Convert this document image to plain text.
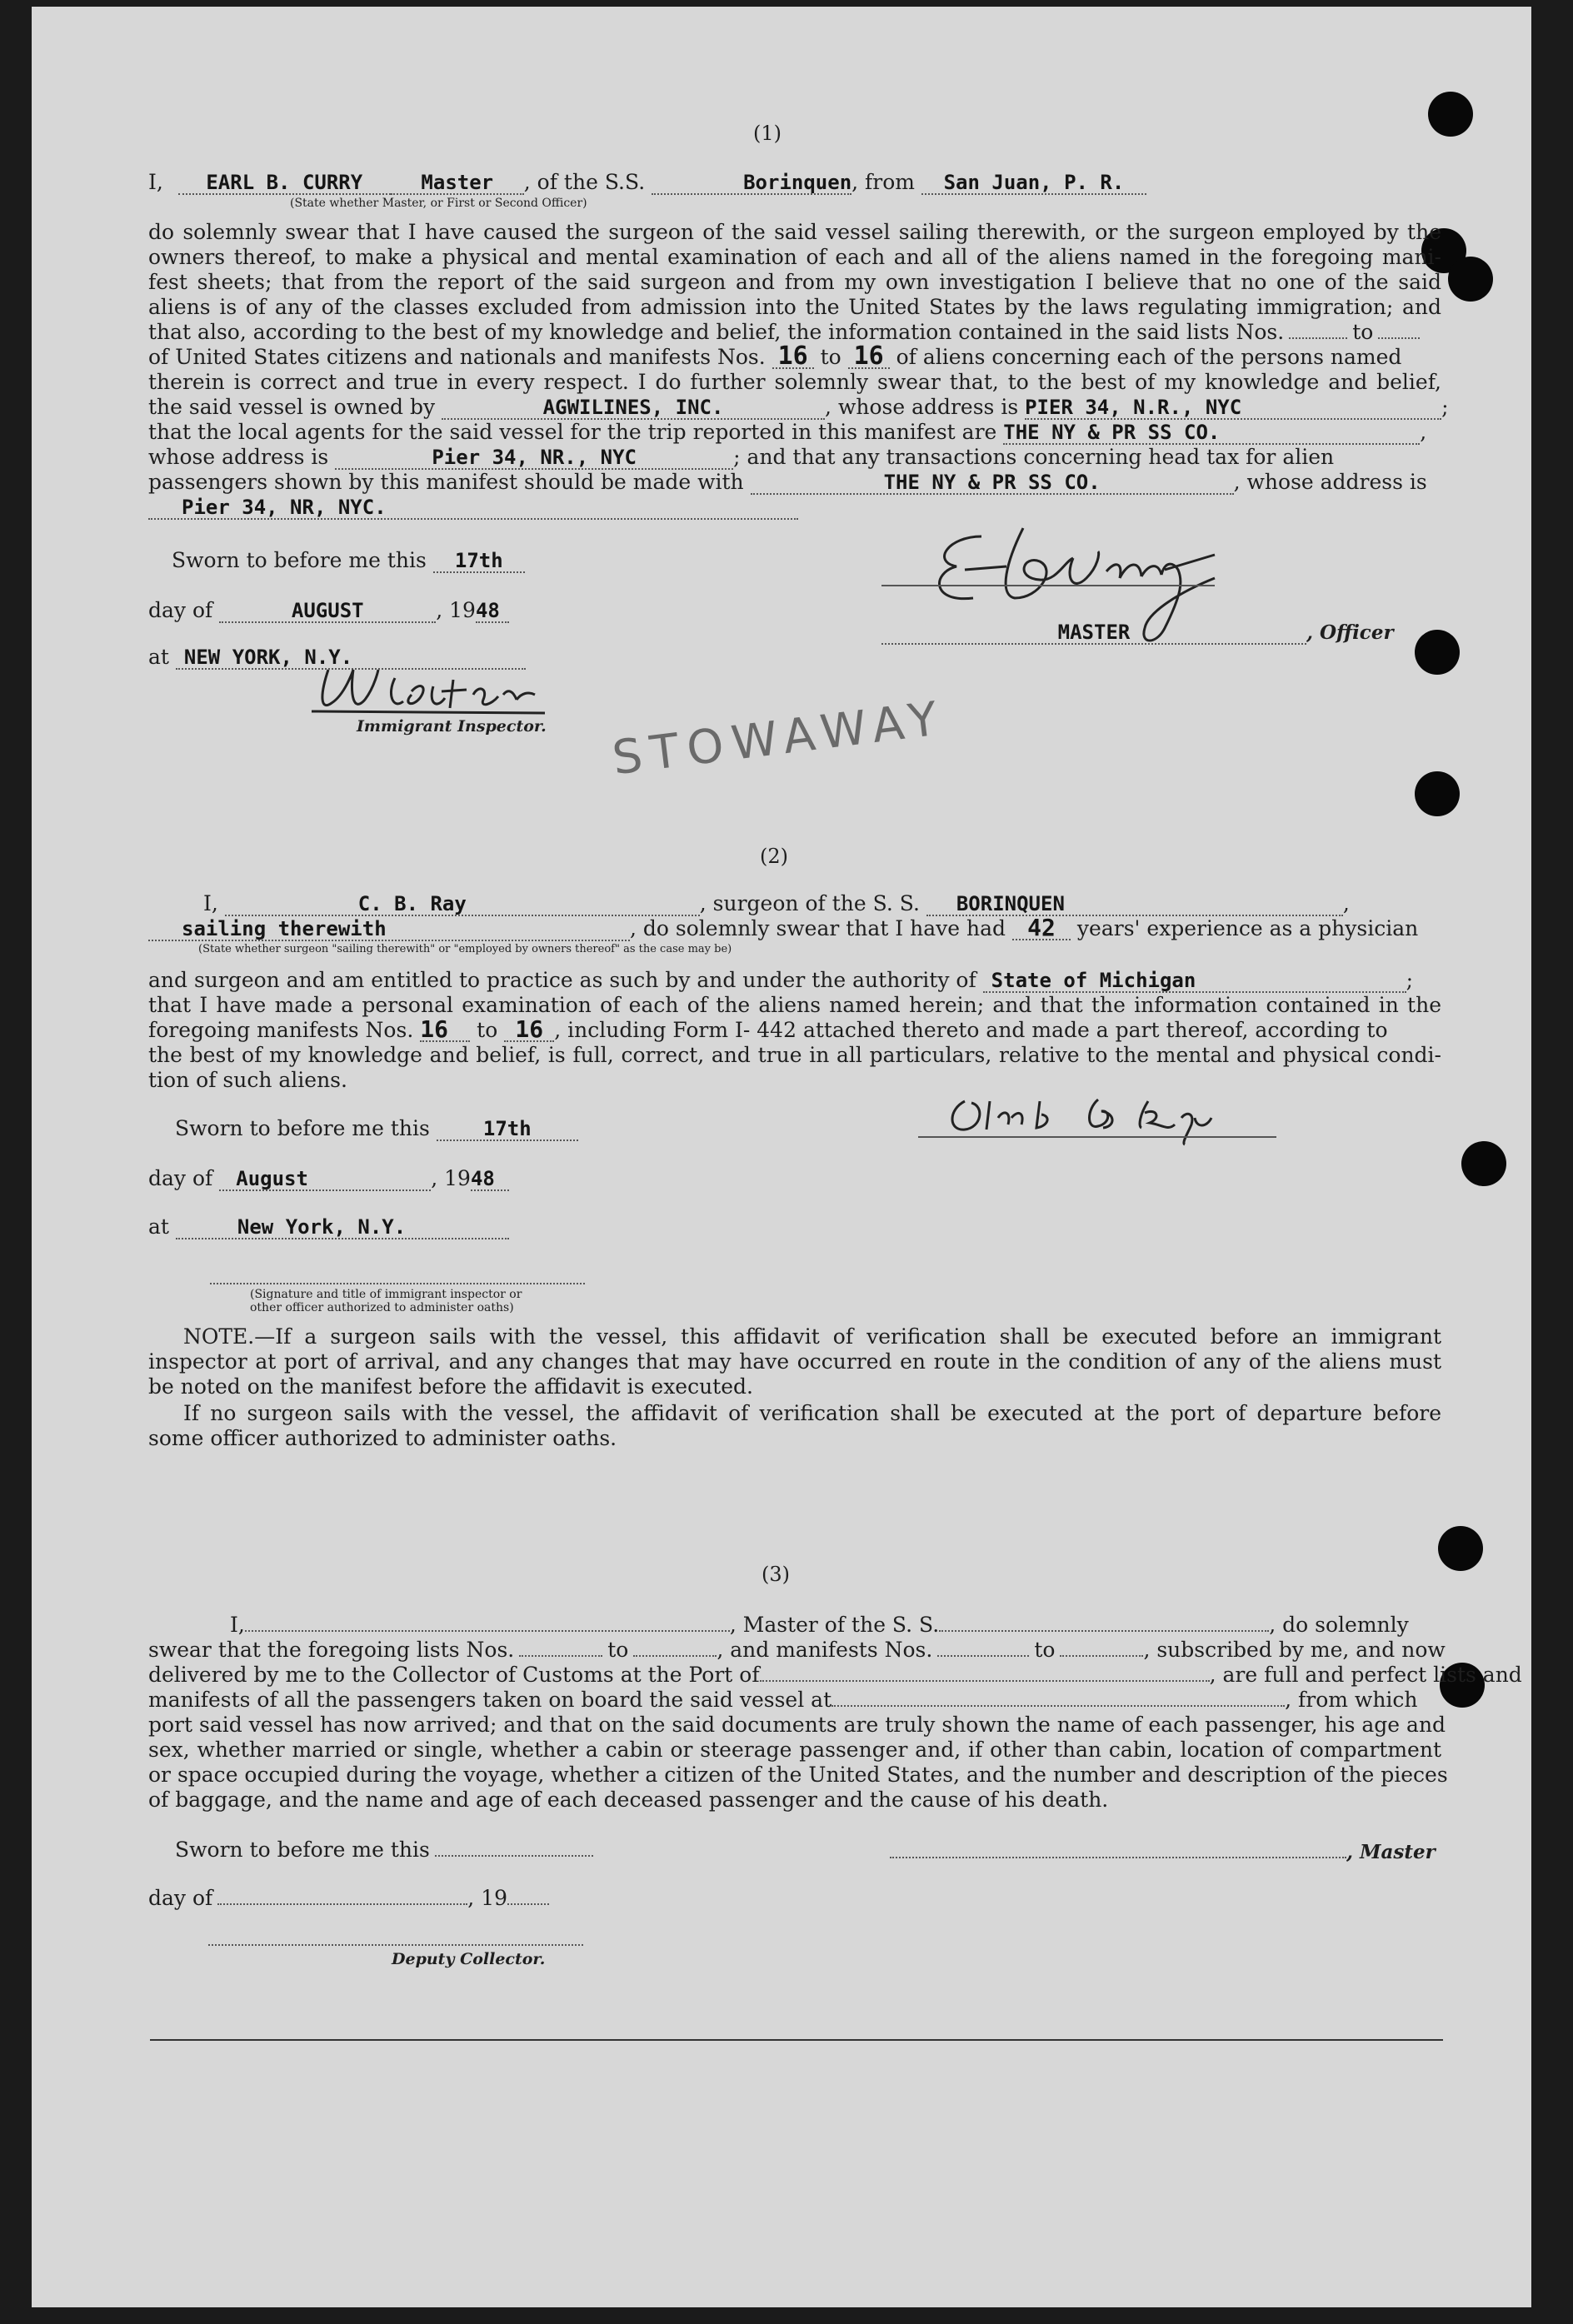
(1)
I, EARL B. CURRY	Master , of the S.S.	Borinquen, from San Juan, P. R.
(State whether Master, or First or Second Officer)
do solemnly swear that I have caused the surgeon of the said vessel sailing therewith, or the surgeon employed by the
owners thereof, to make a physical and mental examination of each and all of the aliens named in the foregoing mani-
fest sheets; that from the report of the said surgeon and from my own investigation I believe that no one of the said
aliens is of any of the classes excluded from admission into the United States by the laws regulating immigration; and
that also, according to the best of my knowledge and belief, the information contained in the said lists Nos.	to
of United States citizens and nationals and manifests Nos. 16 to 16 of aliens concerning each of the persons named
therein is correct and true in every respect. I do further solemnly swear that, to the best of my knowledge and belief,
the said vessel is owned by	AGWILINES, INC.	, whose address is PIER 34, N.R., NYC	;
that the local agents for the said vessel for the trip reported in this manifest are THE NY & PR SS CO.	,
whose address is	Pier 34, NR., NYC	; and that any transactions concerning head tax for alien
passengers shown by this manifest should be made with	THE NY & PR SS CO.	, whose address is
Pier 34, NR, NYC.
Sworn to before me this 17th
day of	AUGUST	, 1948
at NEW YORK, N.Y.
Immigrant Inspector.
MASTER	, Officer
STOWAWAY
(2)
I,	C. B. Ray	, surgeon of the S. S. BORINQUEN	,
sailing therewith	, do solemnly swear that I have had 42 years' experience as a physician
(State whether surgeon "sailing therewith" or "employed by owners thereof" as the case may be)
and surgeon and am entitled to practice as such by and under the authority of State of Michigan	;
that I have made a personal examination of each of the aliens named herein; and that the information contained in the
foregoing manifests Nos. 16 to 16 , including Form I- 442 attached thereto and made a part thereof, according to
the best of my knowledge and belief, is full, correct, and true in all particulars, relative to the mental and physical condi-
tion of such aliens.
Sworn to before me this	17th
day of August	, 1948
at	New York, N.Y.
(Signature and title of immigrant inspector or
other officer authorized to administer oaths)
NOTE.—If a surgeon sails with the vessel, this affidavit of verification shall be executed before an immigrant
inspector at port of arrival, and any changes that may have occurred en route in the condition of any of the aliens must
be noted on the manifest before the affidavit is executed.
If no surgeon sails with the vessel, the affidavit of verification shall be executed at the port of departure before
some officer authorized to administer oaths.
(3)
I,	, Master of the S. S.	, do solemnly
swear that the foregoing lists Nos.	to	, and manifests Nos.	to	, subscribed by me, and now
delivered by me to the Collector of Customs at the Port of	, are full and perfect lists and
manifests of all the passengers taken on board the said vessel at	, from which
port said vessel has now arrived; and that on the said documents are truly shown the name of each passenger, his age and
sex, whether married or single, whether a cabin or steerage passenger and, if other than cabin, location of compartment
or space occupied during the voyage, whether a citizen of the United States, and the number and description of the pieces
of baggage, and the name and age of each deceased passenger and the cause of his death.
Sworn to before me this	, Master
day of	, 19
Deputy Collector.
